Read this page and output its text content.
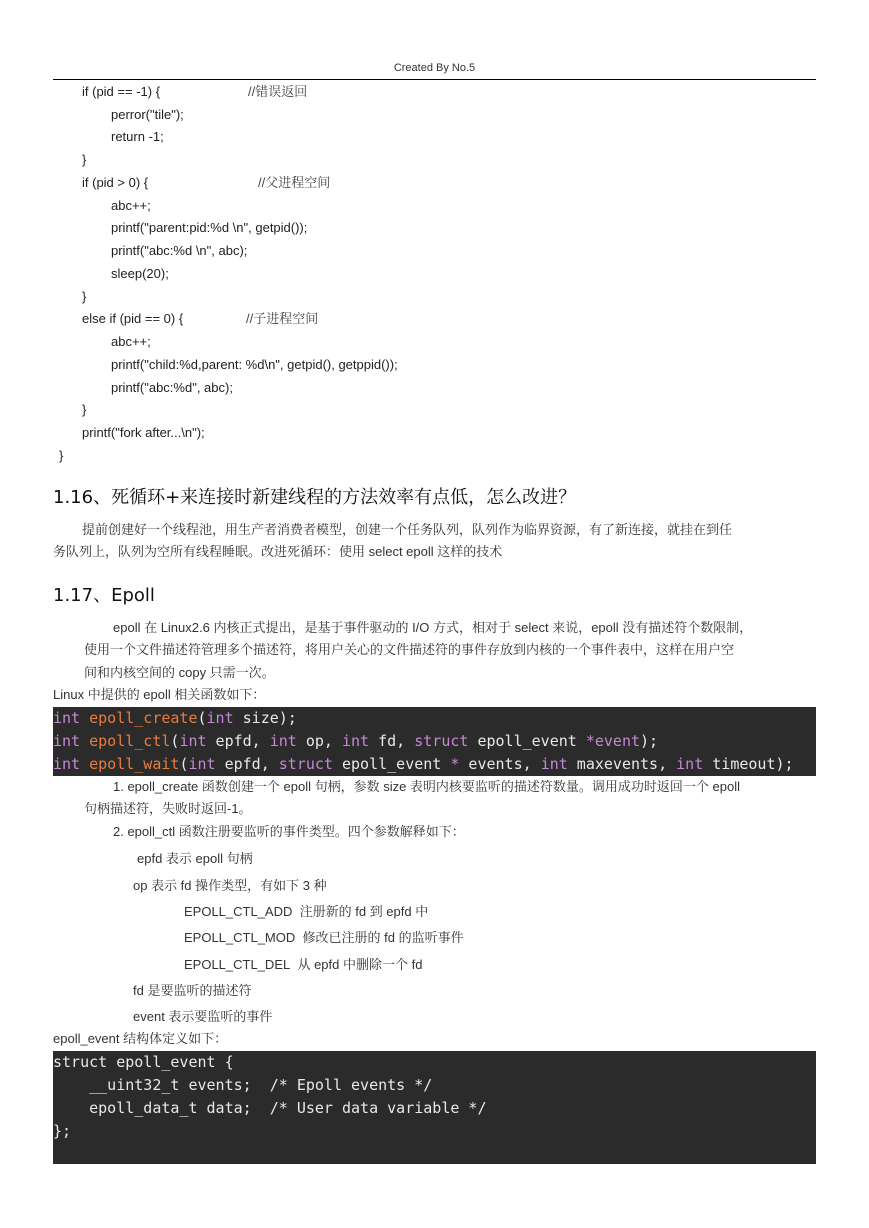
Created By No.5
if (pid == -1) {	//错误返回
perror("tile");
return -1;
}
if (pid > 0) {	//父进程空间
abc++;
printf("parent:pid:%d \n", getpid());
printf("abc:%d \n", abc);
sleep(20);
}
else if (pid == 0) {	//子进程空间
abc++;
printf("child:%d,parent: %d\n", getpid(), getppid());
printf("abc:%d", abc);
}
printf("fork after...\n");
}
1.16、死循环+来连接时新建线程的方法效率有点低，怎么改进？
提前创建好一个线程池，用生产者消费者模型，创建一个任务队列，队列作为临界资源，有了新连接，就挂在到任
务队列上，队列为空所有线程睡眠。改进死循环：使用 select epoll 这样的技术
1.17、Epoll
epoll 在 Linux2.6 内核正式提出，是基于事件驱动的 I/O 方式，相对于 select 来说，epoll 没有描述符个数限制，
使用一个文件描述符管理多个描述符，将用户关心的文件描述符的事件存放到内核的一个事件表中，这样在用户空
间和内核空间的 copy 只需一次。
Linux 中提供的 epoll 相关函数如下：
int epoll_create(int size);
int epoll_ctl(int epfd, int op, int fd, struct epoll_event *event);
int epoll_wait(int epfd, struct epoll_event * events, int maxevents, int timeout);
1. epoll_create 函数创建一个 epoll 句柄，参数 size 表明内核要监听的描述符数量。调用成功时返回一个 epoll
句柄描述符，失败时返回-1。
2. epoll_ctl 函数注册要监听的事件类型。四个参数解释如下：
epfd 表示 epoll 句柄
op 表示 fd 操作类型，有如下 3 种
EPOLL_CTL_ADD 注册新的 fd 到 epfd 中
EPOLL_CTL_MOD 修改已注册的 fd 的监听事件
EPOLL_CTL_DEL 从 epfd 中删除一个 fd
fd 是要监听的描述符
event 表示要监听的事件
epoll_event 结构体定义如下：
struct epoll_event {
__uint32_t events;  /* Epoll events */
epoll_data_t data;  /* User data variable */
};
